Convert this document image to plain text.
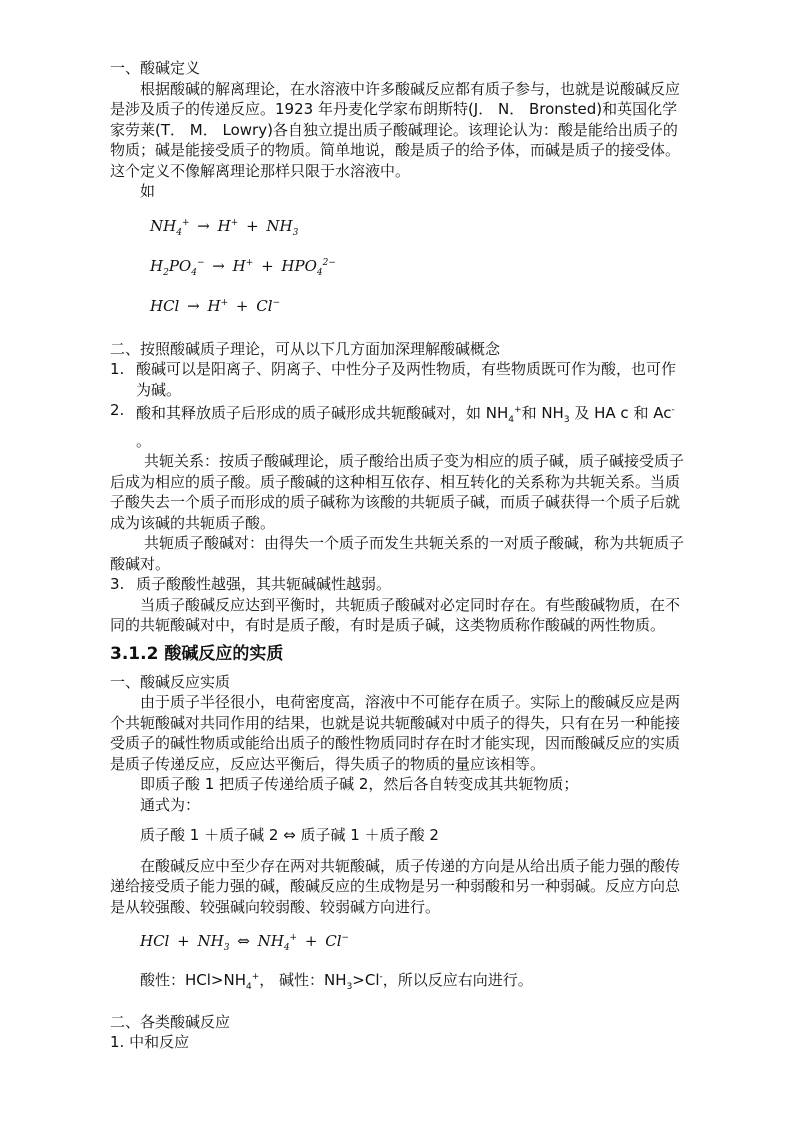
一、酸碱定义

根据酸碱的解离理论，在水溶液中许多酸碱反应都有质子参与，也就是说酸碱反应是涉及质子的传递反应。1923 年丹麦化学家布朗斯特(J． N． Bronsted)和英国化学家劳莱(T． M． Lowry)各自独立提出质子酸碱理论。该理论认为：酸是能给出质子的物质；碱是能接受质子的物质。简单地说，酸是质子的给予体，而碱是质子的接受体。这个定义不像解离理论那样只限于水溶液中。

如

$NH_4^+ \to H^+ + NH_3$
$H_2PO_4^- \to H^+ + HPO_4^{2-}$
HCl → H+ + Cl−

二、按照酸碱质子理论，可从以下几方面加深理解酸碱概念

1. 酸碱可以是阳离子、阴离子、中性分子及两性物质，有些物质既可作为酸，也可作为碱。
2. 酸和其释放质子后形成的质子碱形成共轭酸碱对，如 $NH_4^+$和 $NH_3$ 及 HA c 和 Ac- 。

共轭关系：按质子酸碱理论，质子酸给出质子变为相应的质子碱，质子碱接受质子后成为相应的质子酸。质子酸碱的这种相互依存、相互转化的关系称为共轭关系。当质子酸失去一个质子而形成的质子碱称为该酸的共轭质子碱，而质子碱获得一个质子后就成为该碱的共轭质子酸。

共轭质子酸碱对：由得失一个质子而发生共轭关系的一对质子酸碱，称为共轭质子酸碱对。

3. 质子酸酸性越强，其共轭碱碱性越弱。

当质子酸碱反应达到平衡时，共轭质子酸碱对必定同时存在。有些酸碱物质，在不同的共轭酸碱对中，有时是质子酸，有时是质子碱，这类物质称作酸碱的两性物质。

3.1.2 酸碱反应的实质

一、酸碱反应实质

由于质子半径很小，电荷密度高，溶液中不可能存在质子。实际上的酸碱反应是两个共轭酸碱对共同作用的结果，也就是说共轭酸碱对中质子的得失，只有在另一种能接受质子的碱性物质或能给出质子的酸性物质同时存在时才能实现，因而酸碱反应的实质是质子传递反应，反应达平衡后，得失质子的物质的量应该相等。

即质子酸 1 把质子传递给质子碱 2，然后各自转变成其共轭物质；

通式为：

质子酸 1 ＋质子碱 2 ⇔ 质子碱 1 ＋质子酸 2

在酸碱反应中至少存在两对共轭酸碱，质子传递的方向是从给出质子能力强的酸传递给接受质子能力强的碱，酸碱反应的生成物是另一种弱酸和另一种弱碱。反应方向总是从较强酸、较强碱向较弱酸、较弱碱方向进行。

HCl + $NH_3$ ⇔ $NH_4^+ + Cl^-$

酸性：$HCl>NH_4^+$， 碱性：$NH_3>Cl^-$，所以反应右向进行。

二、各类酸碱反应

1. 中和反应
